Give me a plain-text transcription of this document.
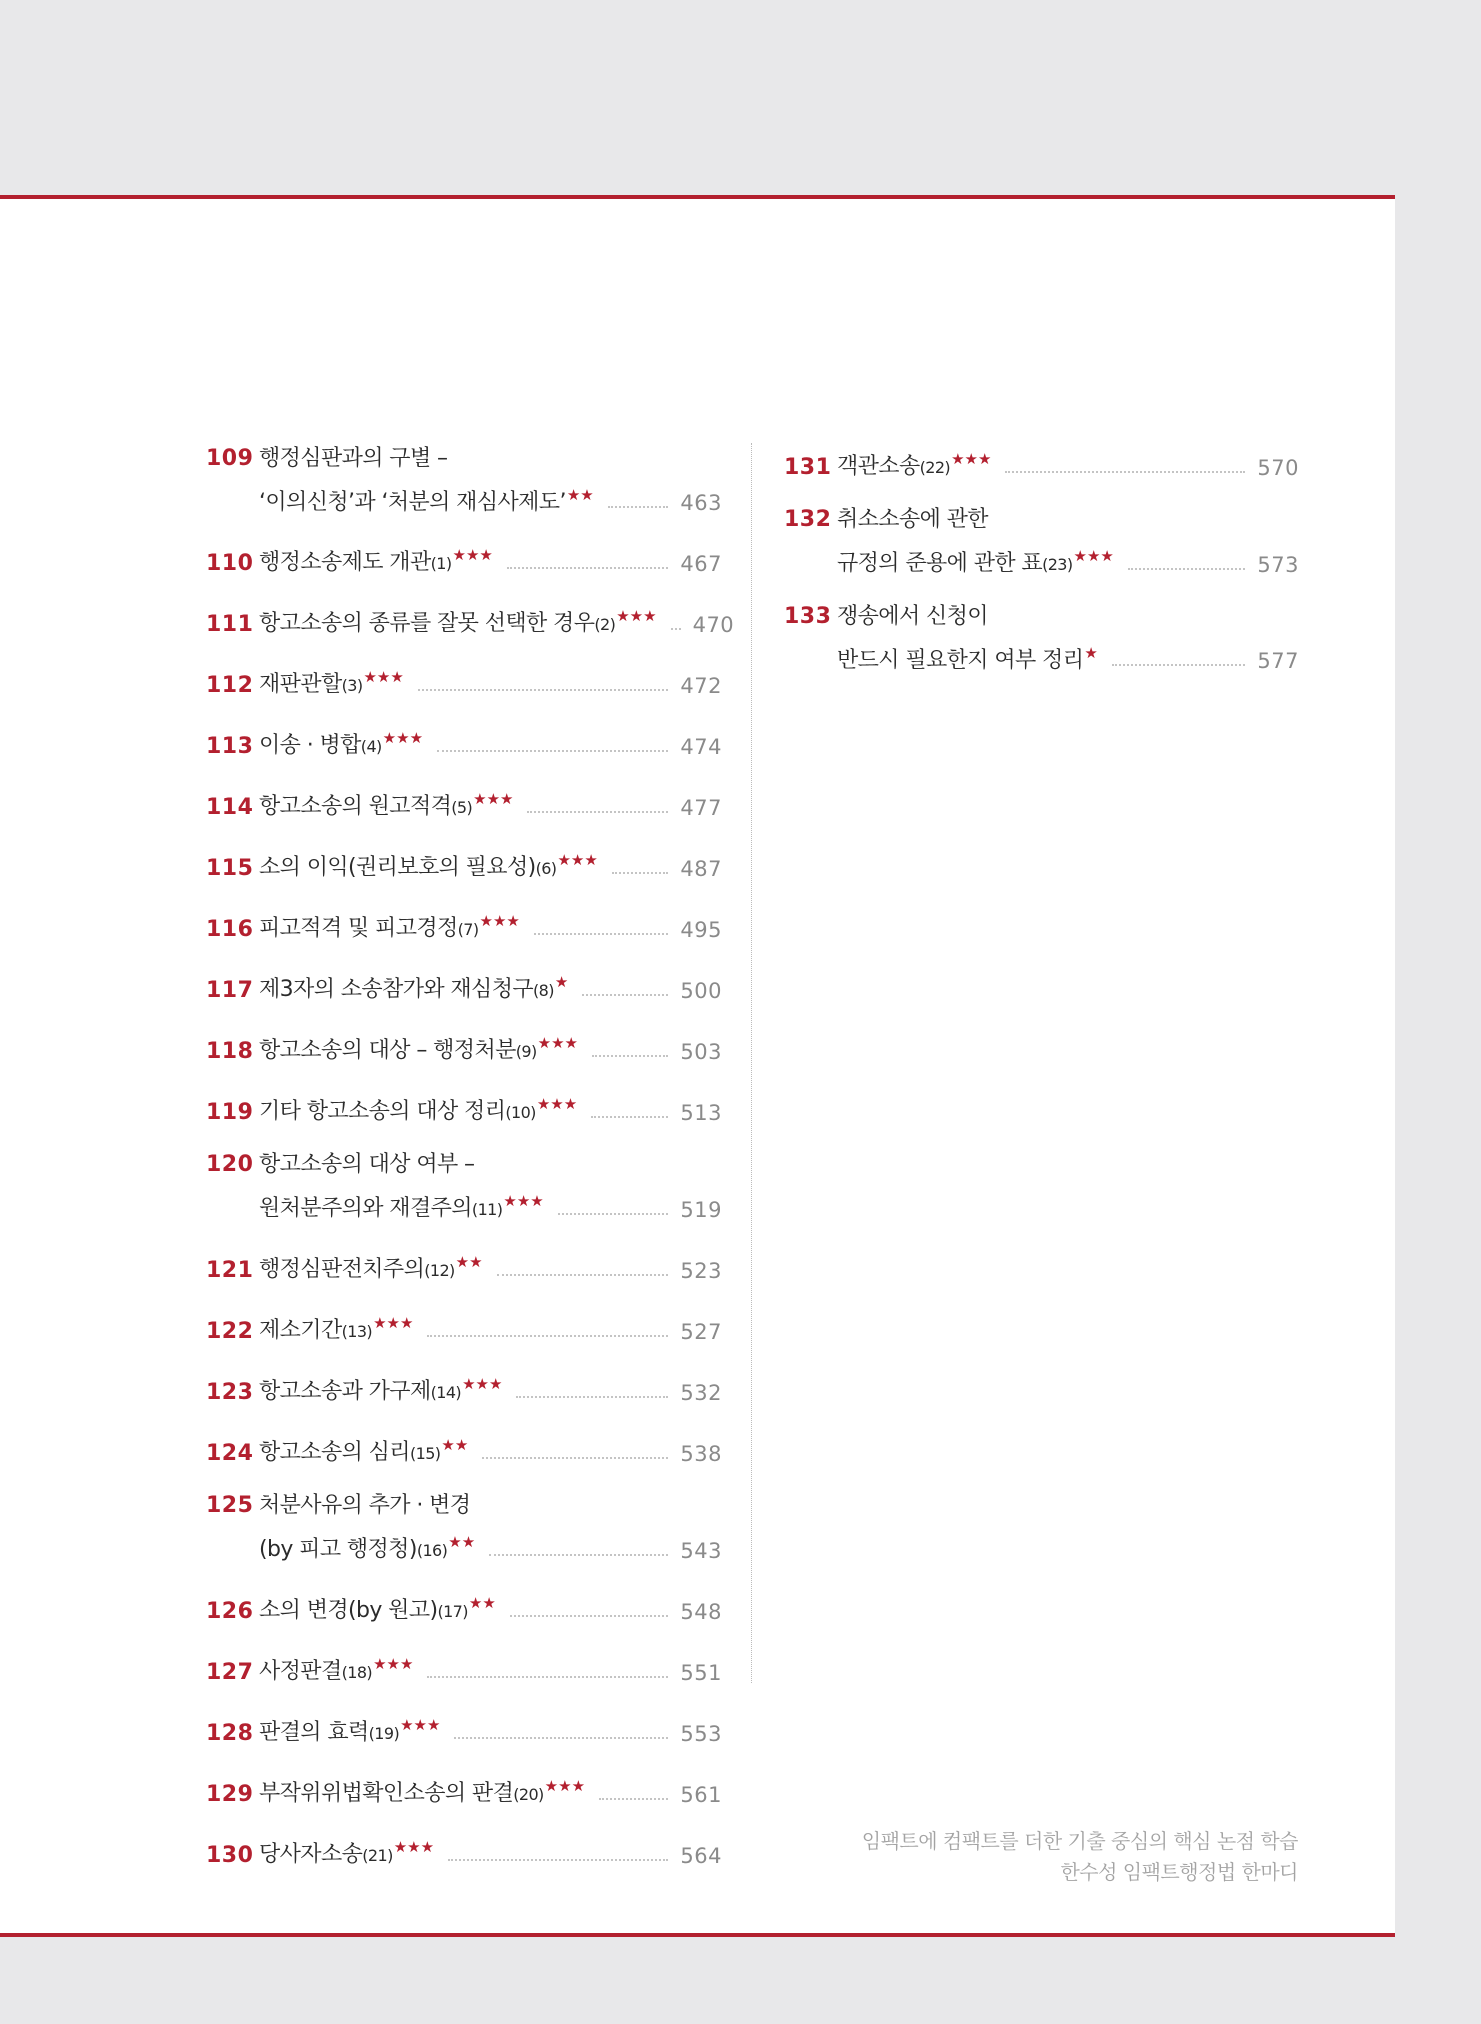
109 행정심판과의 구별 –
‘이의신청’과 ‘처분의 재심사제도’★★	463
110 행정소송제도 개관(1)★★★	467
111 항고소송의 종류를 잘못 선택한 경우(2)★★★ 470
112 재판관할(3)★★★	472
113 이송 · 병합(4)★★★	474
114 항고소송의 원고적격(5)★★★	477
115 소의 이익(권리보호의 필요성)(6)★★★	487
116 피고적격 및 피고경정(7)★★★	495
117 제3자의 소송참가와 재심청구(8)★	500
118 항고소송의 대상 – 행정처분(9)★★★	503
119 기타 항고소송의 대상 정리(10)★★★	513
120 항고소송의 대상 여부 –
원처분주의와 재결주의(11)★★★	519
121 행정심판전치주의(12)★★	523
122 제소기간(13)★★★	527
123 항고소송과 가구제(14)★★★	532
124 항고소송의 심리(15)★★	538
125 처분사유의 추가 · 변경
(by 피고 행정청)(16)★★	543
126 소의 변경(by 원고)(17)★★	548
127 사정판결(18)★★★	551
128 판결의 효력(19)★★★	553
129 부작위위법확인소송의 판결(20)★★★	561
130 당사자소송(21)★★★	564
131 객관소송(22)★★★	570
132 취소소송에 관한
규정의 준용에 관한 표(23)★★★	573
133 쟁송에서 신청이
반드시 필요한지 여부 정리★	577
임팩트에 컴팩트를 더한 기출 중심의 핵심 논점 학습
한수성 임팩트행정법 한마디
